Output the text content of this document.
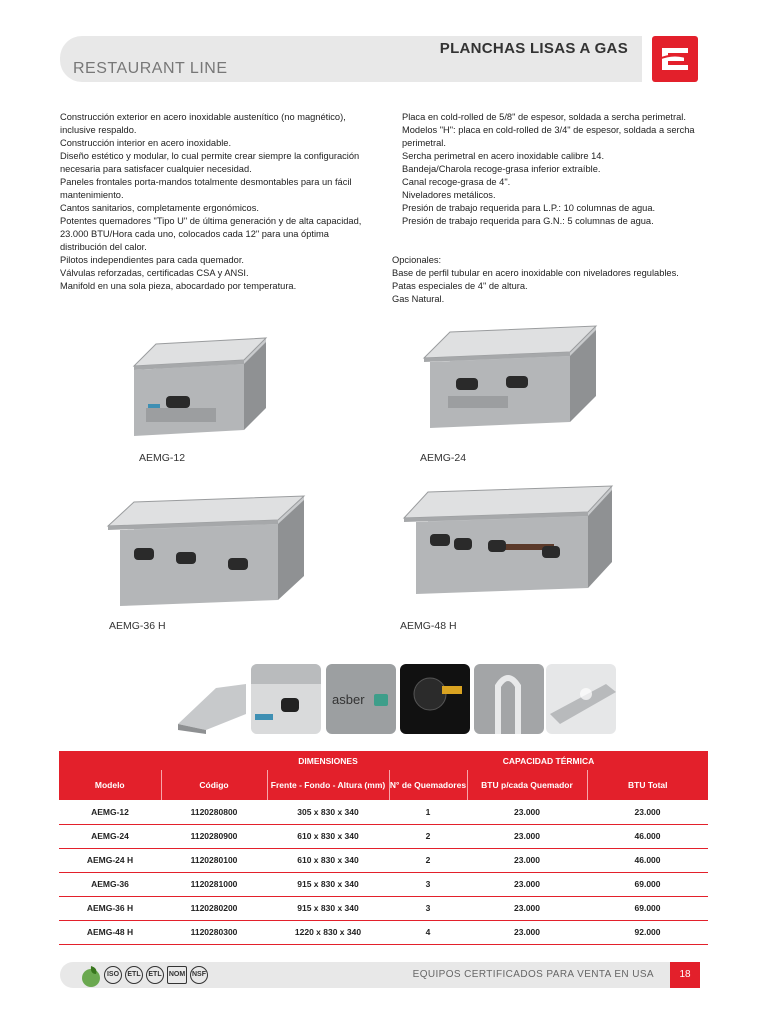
PLANCHAS LISAS A GAS
RESTAURANT LINE

Construcción exterior en acero inoxidable austenítico (no magnético),

inclusive respaldo.

Construcción interior en acero inoxidable.

Diseño estético y modular, lo cual permite crear siempre la configuración

necesaria para satisfacer cualquier necesidad.

Paneles frontales porta-mandos totalmente desmontables para un fácil

mantenimiento.

Cantos sanitarios, completamente ergonómicos.

Potentes quemadores "Tipo U" de última generación y de alta capacidad,

23.000 BTU/Hora cada uno, colocados cada 12" para una óptima

distribución del calor.

Pilotos independientes para cada quemador.

Válvulas reforzadas, certificadas CSA y ANSI.

Manifold en una sola pieza, abocardado por temperatura.

Placa en cold-rolled de 5/8" de espesor, soldada a sercha perimetral.

Modelos "H": placa en cold-rolled de 3/4" de espesor, soldada a sercha

perimetral.

Sercha perimetral en acero inoxidable calibre 14.

Bandeja/Charola recoge-grasa inferior extraíble.

Canal recoge-grasa de 4".

Niveladores metálicos.

Presión de trabajo requerida para L.P.: 10 columnas de agua.

Presión de trabajo requerida para G.N.: 5 columnas de agua.

Opcionales:

Base de perfil tubular en acero inoxidable con niveladores regulables.

Patas especiales de 4" de altura.

Gas Natural.

AEMG-12	AEMG-24
AEMG-36 H	AEMG-48 H
asber
		DIMENSIONES	CAPACIDAD TÉRMICA		
Modelo	Código	Frente - Fondo - Altura (mm)	N° de Quemadores	BTU p/cada Quemador	BTU Total
AEMG-12	1120280800	305 x 830 x 340	1	23.000	23.000
AEMG-24	1120280900	610 x 830 x 340	2	23.000	46.000
AEMG-24 H	1120280100	610 x 830 x 340	2	23.000	46.000
AEMG-36	1120281000	915 x 830 x 340	3	23.000	69.000
AEMG-36 H	1120280200	915 x 830 x 340	3	23.000	69.000
AEMG-48 H	1120280300	1220 x 830 x 340	4	23.000	92.000
ISO	ETL	ETL	NOM NSF	EQUIPOS CERTIFICADOS PARA VENTA EN USA	18
